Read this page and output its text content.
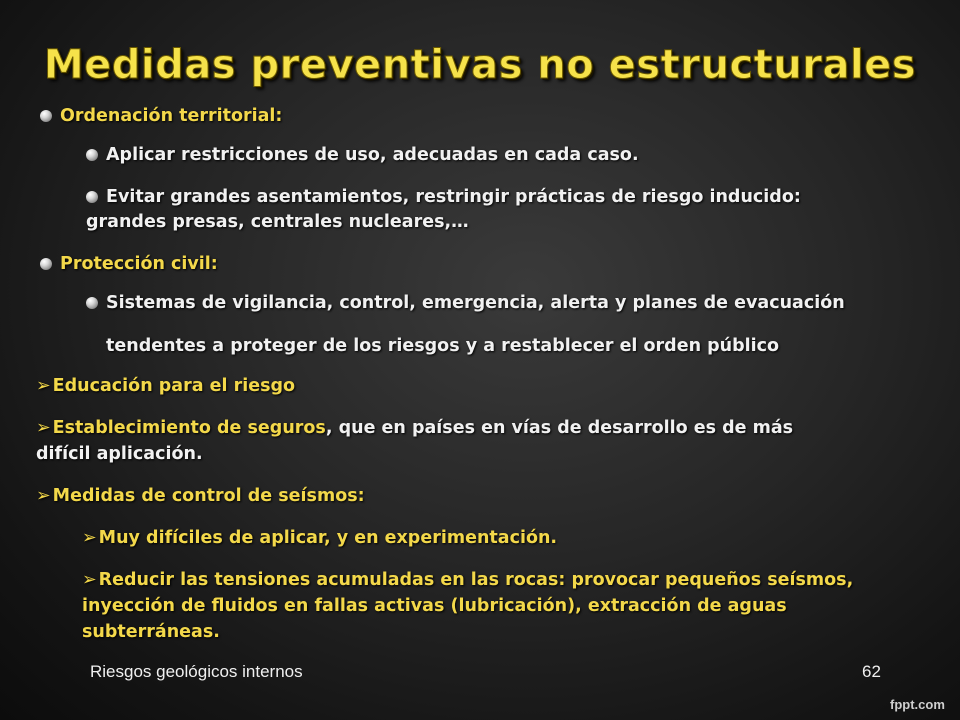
Medidas preventivas no estructurales
Ordenación territorial:
Aplicar restricciones de uso, adecuadas en cada caso.
Evitar grandes asentamientos, restringir prácticas de riesgo inducido:
grandes presas, centrales nucleares,…
Protección civil:
Sistemas de vigilancia, control, emergencia, alerta y planes de evacuación
tendentes a proteger de los riesgos y a restablecer el orden público
➢ Educación para el riesgo
➢ Establecimiento de seguros, que en países en vías de desarrollo es de más
difícil aplicación.
➢ Medidas de control de seísmos:
➢ Muy difíciles de aplicar, y en experimentación.
➢ Reducir las tensiones acumuladas en las rocas: provocar pequeños seísmos,
inyección de fluidos en fallas activas (lubricación), extracción de aguas
subterráneas.
Riesgos geológicos internos	62
fppt.com
